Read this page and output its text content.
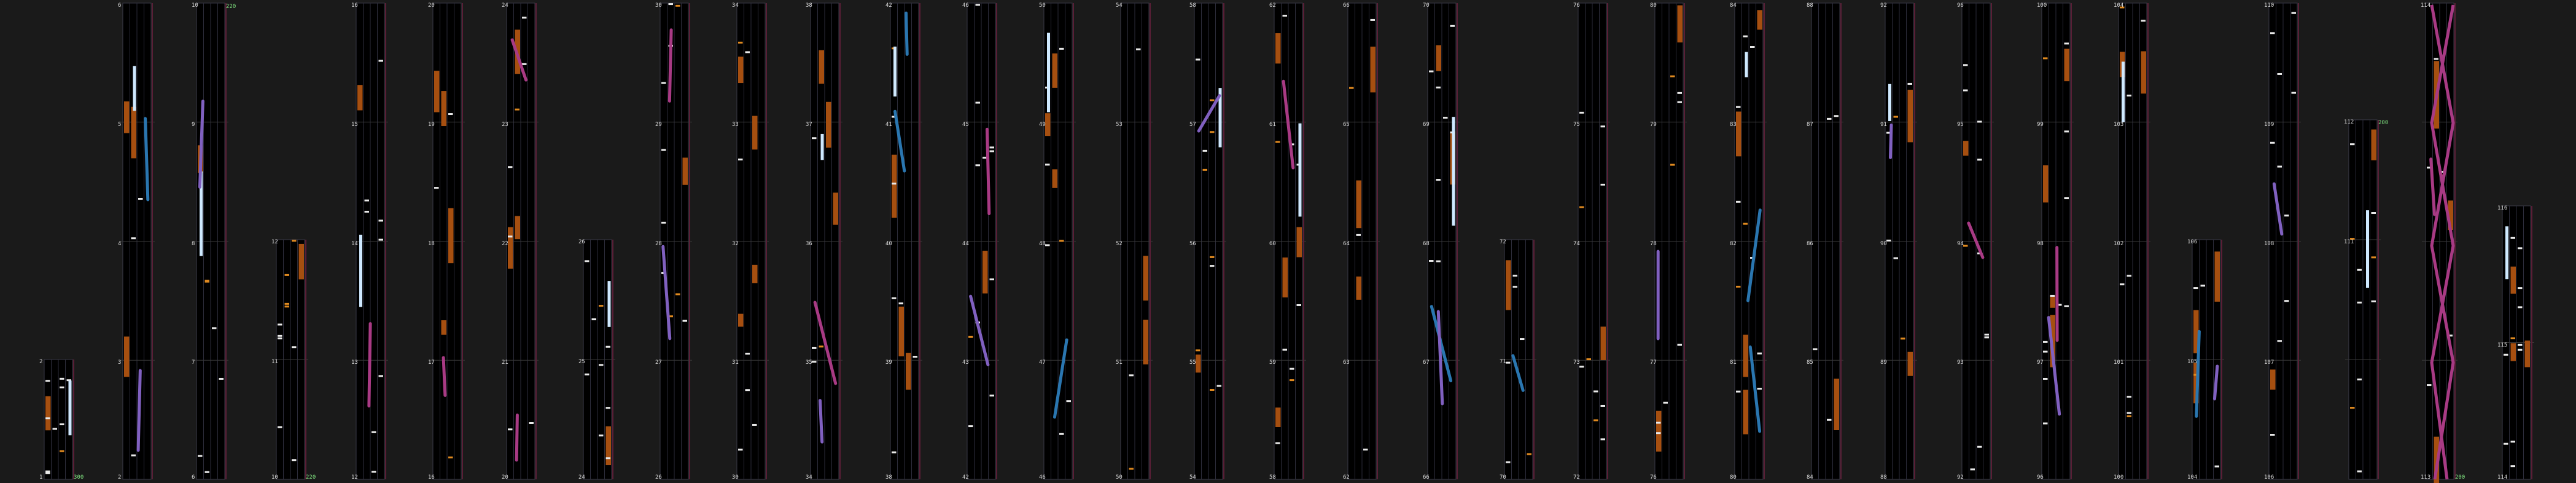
2
1	300
6
5
4
3
2
10
9
8
7
6
220
12
11
10	220
16
15
14
13
12
20
19
18
17
16
24
23
22
21
20
26
25
24
30
29
28
27
26
34
33
32
31
30
38
37
36
35
34
42
41
40
39
38
46
45
44
43
42
50
49
48
47
46
54
53
52
51
50
58
57
56
55
54
62
61
60
59
58
66
65
64
63
62
70
69
68
67
66
72
71
70
76
75
74
73
72
80
79
78
77
76
84
83
82
81
80
88
87
86
85
84
92
91
90
89
88
96
95
94
93
92
100
99
98
97
96
104
103
102
101
100
106
105
104
110
109
108
107
106
112
111
200
114
113	200
116
115
114
